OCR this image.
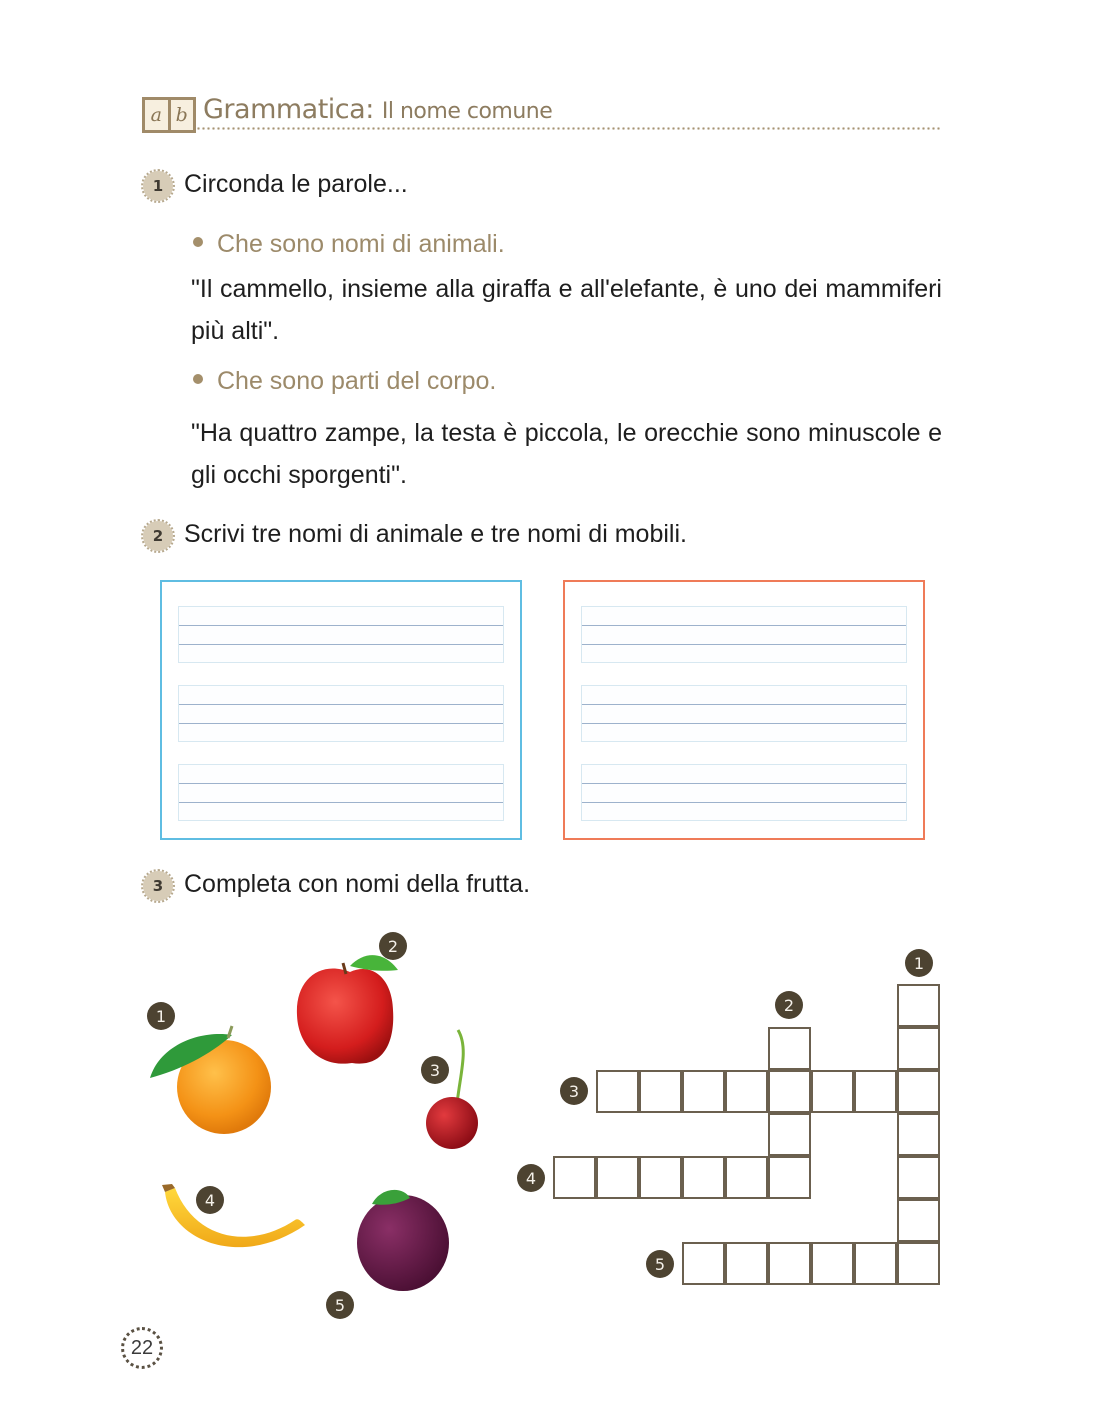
a b Grammatica: Il nome comune
1 Circonda le parole...
Che sono nomi di animali.
"Il cammello, insieme alla giraffa e all'elefante, è uno dei mammiferi più alti".
Che sono parti del corpo.
"Ha quattro zampe, la testa è piccola, le orecchie sono minuscole e gli occhi sporgenti".
2 Scrivi tre nomi di animale e tre nomi di mobili.
3 Completa con nomi della frutta.
1
2
3
4
5
1
2
3
4
5
22
